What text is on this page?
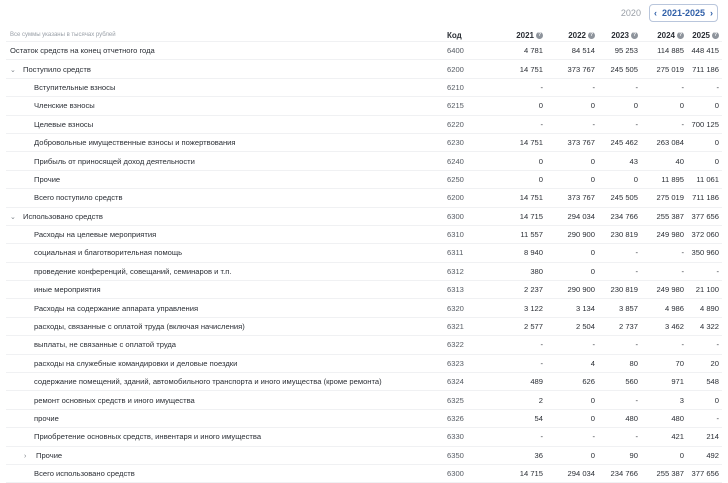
2020 ‹ 2021-2025 ›
Все суммы указаны в тысячах рублей	Код	2021 ?	2022 ?	2023 ?	2024 ?	2025 ?
Остаток средств на конец отчетного года	6400	4 781	84 514	95 253	114 885	448 415
⌄ Поступило средств	6200	14 751	373 767	245 505	275 019	711 186
Вступительные взносы	6210	-	-	-	-	-
Членские взносы	6215	0	0	0	0	0
Целевые взносы	6220	-	-	-	-	700 125
Добровольные имущественные взносы и пожертвования	6230	14 751	373 767	245 462	263 084	0
Прибыль от приносящей доход деятельности	6240	0	0	43	40	0
Прочие	6250	0	0	0	11 895	11 061
Всего поступило средств	6200	14 751	373 767	245 505	275 019	711 186
⌄ Использовано средств	6300	14 715	294 034	234 766	255 387	377 656
Расходы на целевые мероприятия	6310	11 557	290 900	230 819	249 980	372 060
социальная и благотворительная помощь	6311	8 940	0	-	-	350 960
проведение конференций, совещаний, семинаров и т.п.	6312	380	0	-	-	-
иные мероприятия	6313	2 237	290 900	230 819	249 980	21 100
Расходы на содержание аппарата управления	6320	3 122	3 134	3 857	4 986	4 890
расходы, связанные с оплатой труда (включая начисления)	6321	2 577	2 504	2 737	3 462	4 322
выплаты, не связанные с оплатой труда	6322	-	-	-	-	-
расходы на служебные командировки и деловые поездки	6323	-	4	80	70	20
содержание помещений, зданий, автомобильного транспорта и иного имущества (кроме ремонта)	6324	489	626	560	971	548
ремонт основных средств и иного имущества	6325	2	0	-	3	0
прочие	6326	54	0	480	480	-
Приобретение основных средств, инвентаря и иного имущества	6330	-	-	-	421	214
› Прочие	6350	36	0	90	0	492
Всего использовано средств	6300	14 715	294 034	234 766	255 387	377 656
